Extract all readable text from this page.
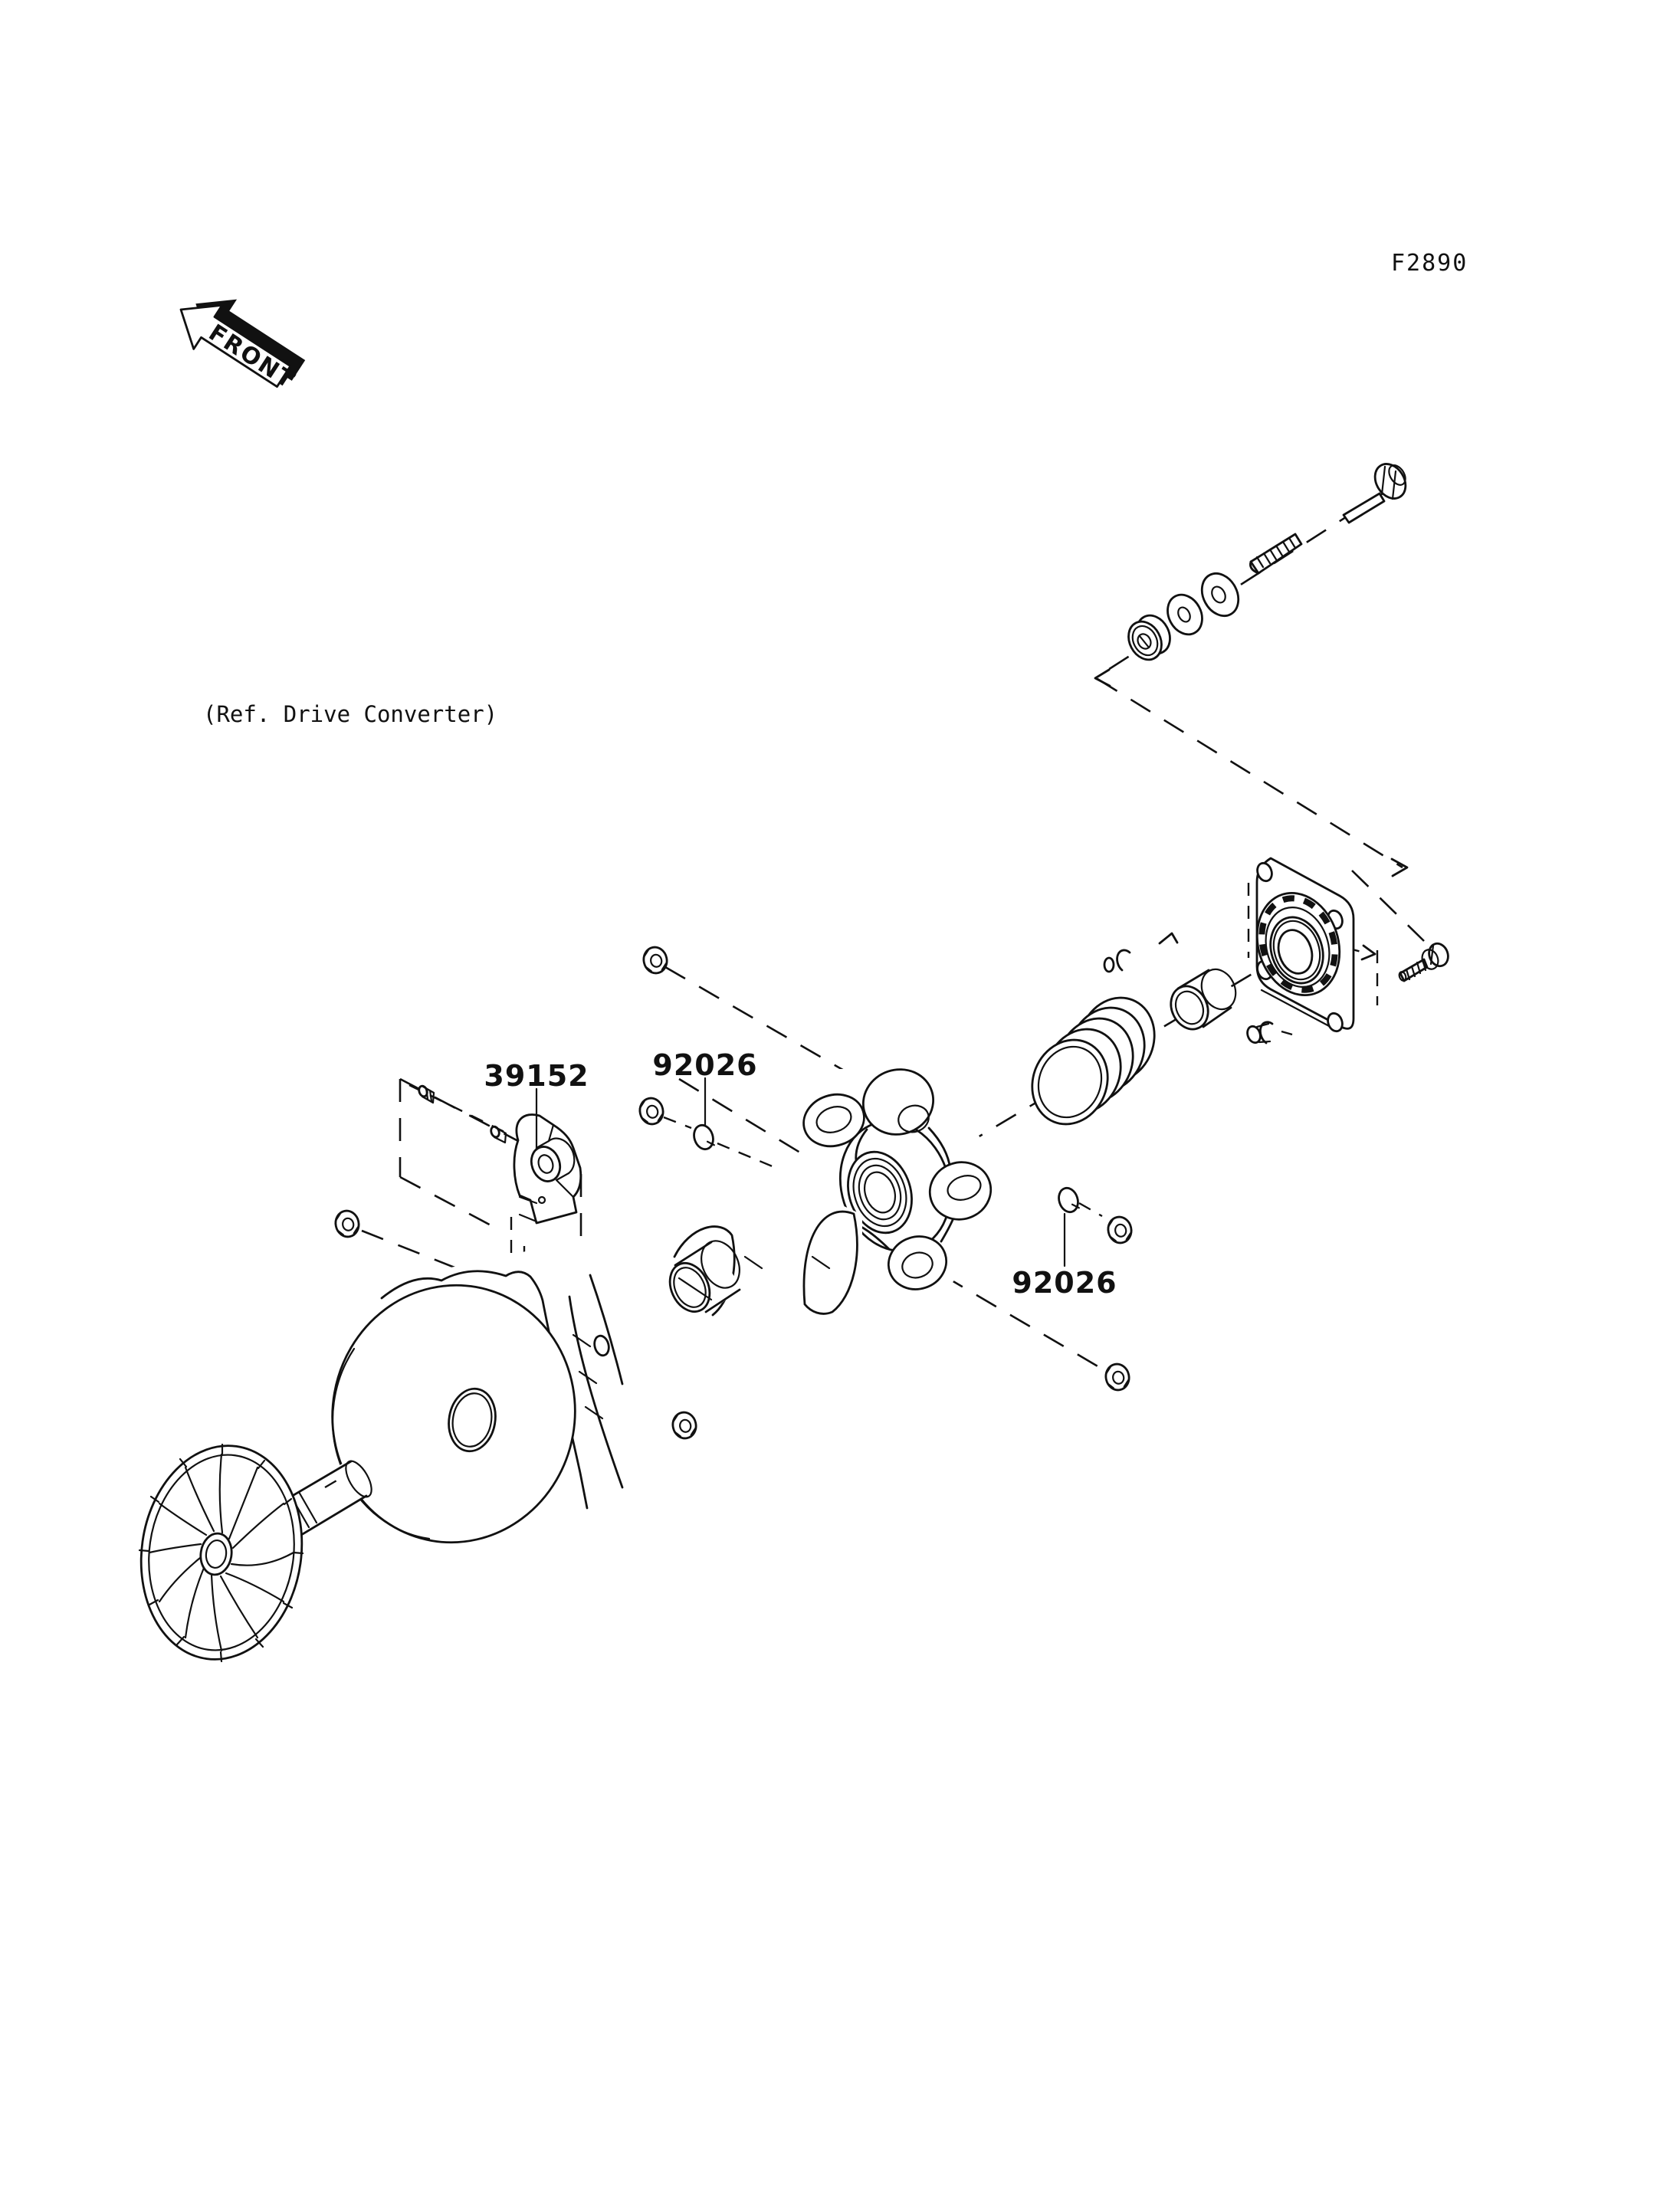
39152 92026
92026
FRONT
F2890
(Ref. Drive Converter)
